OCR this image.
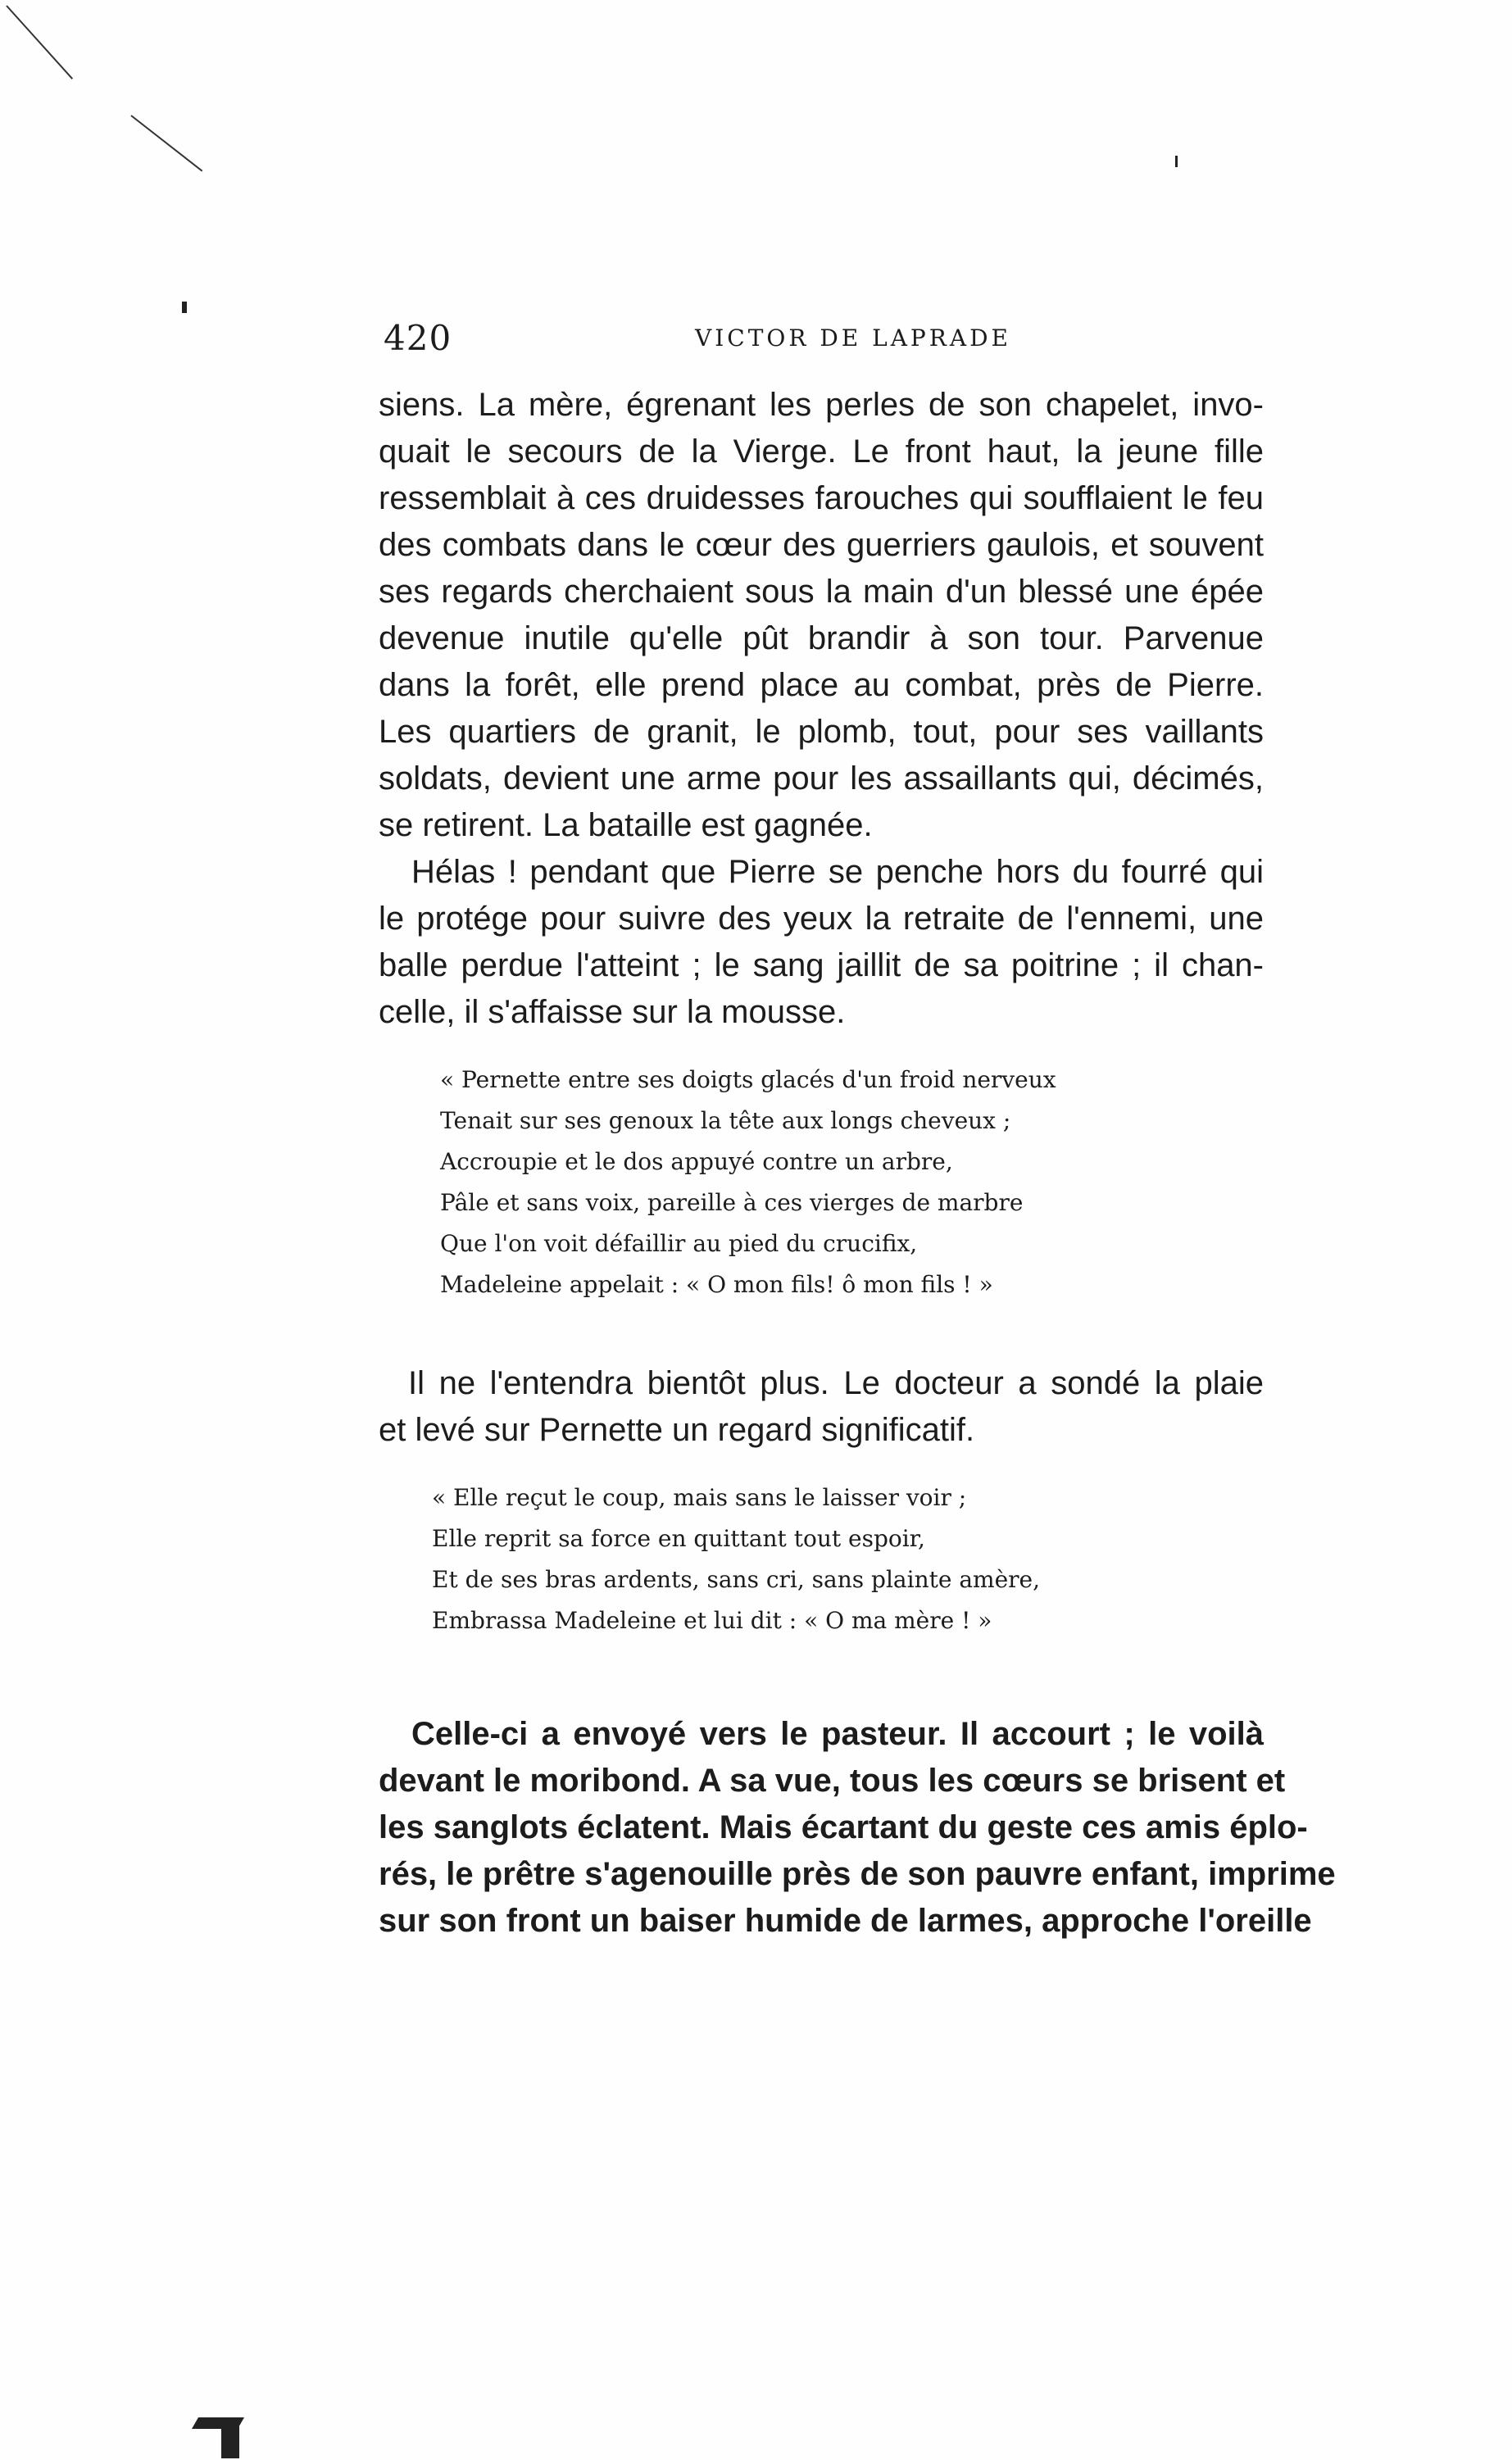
420	VICTOR DE LAPRADE
siens. La mère, égrenant les perles de son chapelet, invo-
quait le secours de la Vierge. Le front haut, la jeune fille
ressemblait à ces druidesses farouches qui soufflaient le feu
des combats dans le cœur des guerriers gaulois, et souvent
ses regards cherchaient sous la main d'un blessé une épée
devenue inutile qu'elle pût brandir à son tour. Parvenue
dans la forêt, elle prend place au combat, près de Pierre.
Les quartiers de granit, le plomb, tout, pour ses vaillants
soldats, devient une arme pour les assaillants qui, décimés,
se retirent. La bataille est gagnée.
Hélas ! pendant que Pierre se penche hors du fourré qui
le protége pour suivre des yeux la retraite de l'ennemi, une
balle perdue l'atteint ; le sang jaillit de sa poitrine ; il chan-
celle, il s'affaisse sur la mousse.
« Pernette entre ses doigts glacés d'un froid nerveux
Tenait sur ses genoux la tête aux longs cheveux ;
Accroupie et le dos appuyé contre un arbre,
Pâle et sans voix, pareille à ces vierges de marbre
Que l'on voit défaillir au pied du crucifix,
Madeleine appelait : « O mon fils! ô mon fils ! »
Il ne l'entendra bientôt plus. Le docteur a sondé la plaie
et levé sur Pernette un regard significatif.
« Elle reçut le coup, mais sans le laisser voir ;
Elle reprit sa force en quittant tout espoir,
Et de ses bras ardents, sans cri, sans plainte amère,
Embrassa Madeleine et lui dit : « O ma mère ! »
Celle-ci a envoyé vers le pasteur. Il accourt ; le voilà
devant le moribond. A sa vue, tous les cœurs se brisent et
les sanglots éclatent. Mais écartant du geste ces amis éplo-
rés, le prêtre s'agenouille près de son pauvre enfant, imprime
sur son front un baiser humide de larmes, approche l'oreille
